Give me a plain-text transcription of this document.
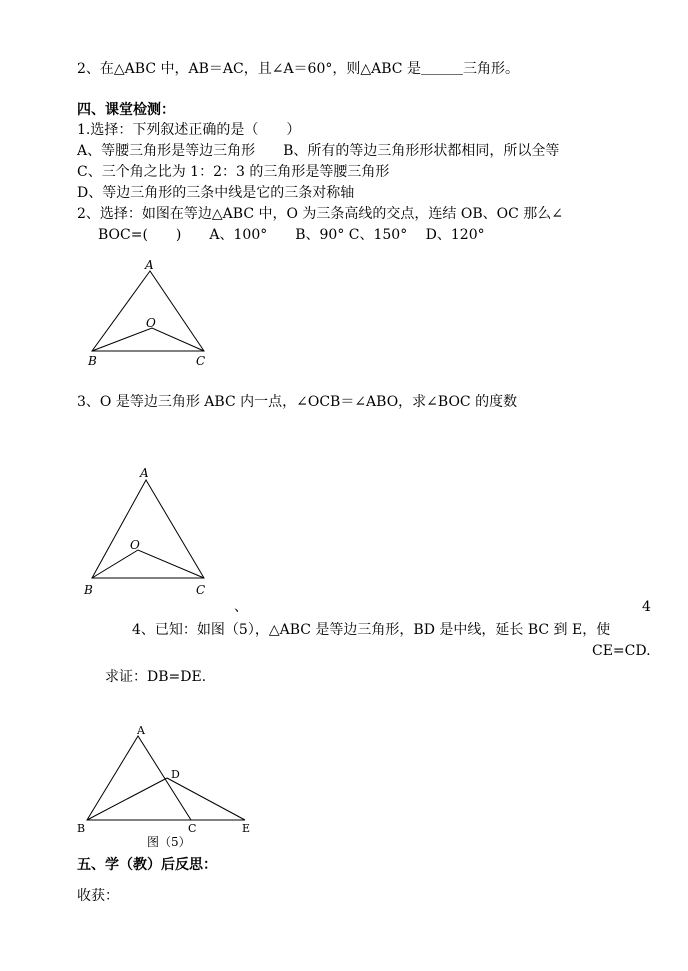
2、在△ABC 中，AB＝AC，且∠A＝60°，则△ABC 是＿＿＿三角形。
四、课堂检测：
1.选择：下列叙述正确的是（　　）
A、等腰三角形是等边三角形　　B、所有的等边三角形形状都相同，所以全等
C、三个角之比为 1：2：3 的三角形是等腰三角形
D、等边三角形的三条中线是它的三条对称轴
2、选择：如图在等边△ABC 中，O 为三条高线的交点，连结 OB、OC 那么∠
BOC=(　　)　　A、100°　　B、90° C、150°　 D、120°
A
O
B	C
3、O 是等边三角形 ABC 内一点，∠OCB＝∠ABO，求∠BOC 的度数
A
O
B	C
、	4
4、已知：如图（5），△ABC 是等边三角形，BD 是中线，延长 BC 到 E，使
CE=CD.
求证：DB=DE.
A
D
B	C	E
图（5）
五、学（教）后反思：
收获：
